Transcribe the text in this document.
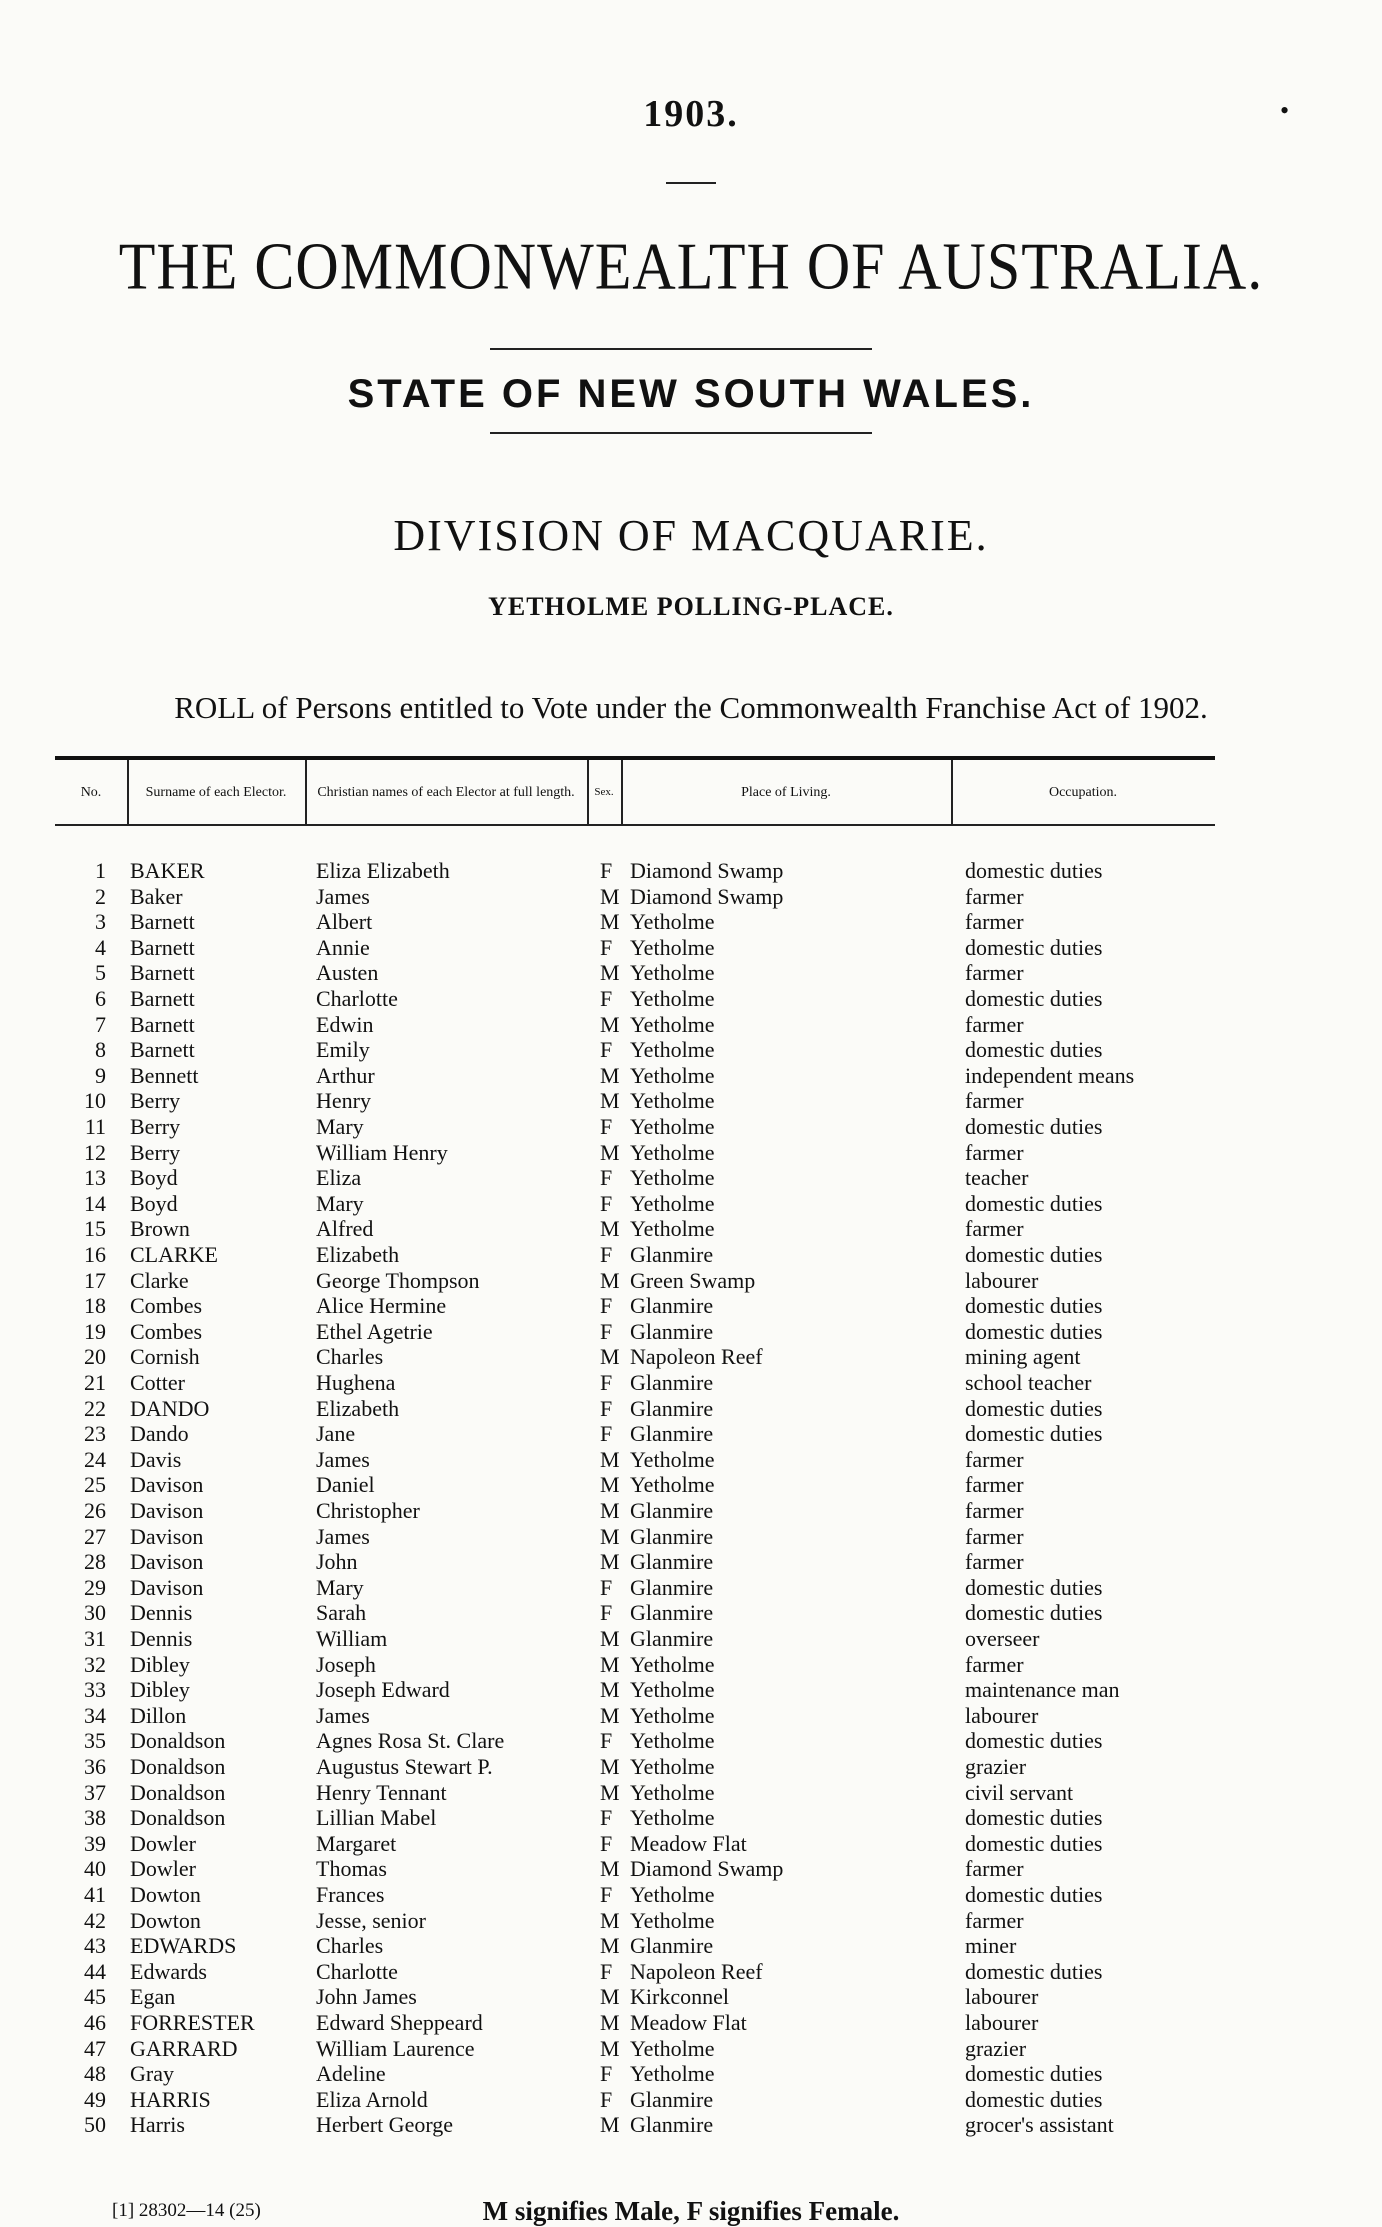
1903.
THE COMMONWEALTH OF AUSTRALIA.
STATE OF NEW SOUTH WALES.
DIVISION OF MACQUARIE.
YETHOLME POLLING-PLACE.
ROLL of Persons entitled to Vote under the Commonwealth Franchise Act of 1902.
No.	Surname of each Elector.	Christian names of each Elector at full length.	Sex.	Place of Living.	Occupation.
1 BAKER	Eliza Elizabeth	F Diamond Swamp	domestic duties
2 Baker	James	M Diamond Swamp	farmer
3 Barnett	Albert	M Yetholme	farmer
4 Barnett	Annie	F Yetholme	domestic duties
5 Barnett	Austen	M Yetholme	farmer
6 Barnett	Charlotte	F Yetholme	domestic duties
7 Barnett	Edwin	M Yetholme	farmer
8 Barnett	Emily	F Yetholme	domestic duties
9 Bennett	Arthur	M Yetholme	independent means
10 Berry	Henry	M Yetholme	farmer
11 Berry	Mary	F Yetholme	domestic duties
12 Berry	William Henry	M Yetholme	farmer
13 Boyd	Eliza	F Yetholme	teacher
14 Boyd	Mary	F Yetholme	domestic duties
15 Brown	Alfred	M Yetholme	farmer
16 CLARKE	Elizabeth	F Glanmire	domestic duties
17 Clarke	George Thompson	M Green Swamp	labourer
18 Combes	Alice Hermine	F Glanmire	domestic duties
19 Combes	Ethel Agetrie	F Glanmire	domestic duties
20 Cornish	Charles	M Napoleon Reef	mining agent
21 Cotter	Hughena	F Glanmire	school teacher
22 DANDO	Elizabeth	F Glanmire	domestic duties
23 Dando	Jane	F Glanmire	domestic duties
24 Davis	James	M Yetholme	farmer
25 Davison	Daniel	M Yetholme	farmer
26 Davison	Christopher	M Glanmire	farmer
27 Davison	James	M Glanmire	farmer
28 Davison	John	M Glanmire	farmer
29 Davison	Mary	F Glanmire	domestic duties
30 Dennis	Sarah	F Glanmire	domestic duties
31 Dennis	William	M Glanmire	overseer
32 Dibley	Joseph	M Yetholme	farmer
33 Dibley	Joseph Edward	M Yetholme	maintenance man
34 Dillon	James	M Yetholme	labourer
35 Donaldson	Agnes Rosa St. Clare	F Yetholme	domestic duties
36 Donaldson	Augustus Stewart P.	M Yetholme	grazier
37 Donaldson	Henry Tennant	M Yetholme	civil servant
38 Donaldson	Lillian Mabel	F Yetholme	domestic duties
39 Dowler	Margaret	F Meadow Flat	domestic duties
40 Dowler	Thomas	M Diamond Swamp	farmer
41 Dowton	Frances	F Yetholme	domestic duties
42 Dowton	Jesse, senior	M Yetholme	farmer
43 EDWARDS	Charles	M Glanmire	miner
44 Edwards	Charlotte	F Napoleon Reef	domestic duties
45 Egan	John James	M Kirkconnel	labourer
46 FORRESTER	Edward Sheppeard	M Meadow Flat	labourer
47 GARRARD	William Laurence	M Yetholme	grazier
48 Gray	Adeline	F Yetholme	domestic duties
49 HARRIS	Eliza Arnold	F Glanmire	domestic duties
50 Harris	Herbert George	M Glanmire	grocer's assistant
M signifies Male, F signifies Female.
[1] 28302—14 (25)
•
